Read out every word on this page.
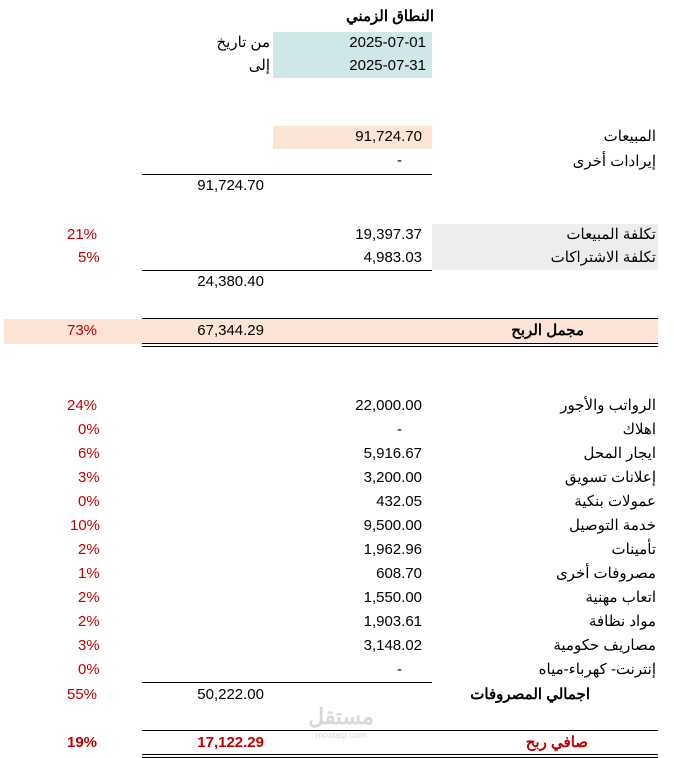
النطاق الزمني
2025-07-01
من تاريخ
2025-07-31
إلى
91,724.70	المبيعات
-	إيرادات أخرى
91,724.70
21%	19,397.37	تكلفة المبيعات
5%	4,983.03	تكلفة الاشتراكات
24,380.40
73%	67,344.29	مجمل الربح
24%	22,000.00	الرواتب والأجور
0%	-	اهلاك
6%	5,916.67	ايجار المحل
3%	3,200.00	إعلانات تسويق
0%	432.05	عمولات بنكية
10%	9,500.00	خدمة التوصيل
2%	1,962.96	تأمينات
1%	608.70	مصروفات أخرى
2%	1,550.00	اتعاب مهنية
2%	1,903.61	مواد نظافة
3%	3,148.02	مصاريف حكومية
0%	-	إنترنت- كهرباء-مياه
55%	50,222.00	اجمالي المصروفات
19%	17,122.29	صافي ربح
مستقل
mostaql.com
